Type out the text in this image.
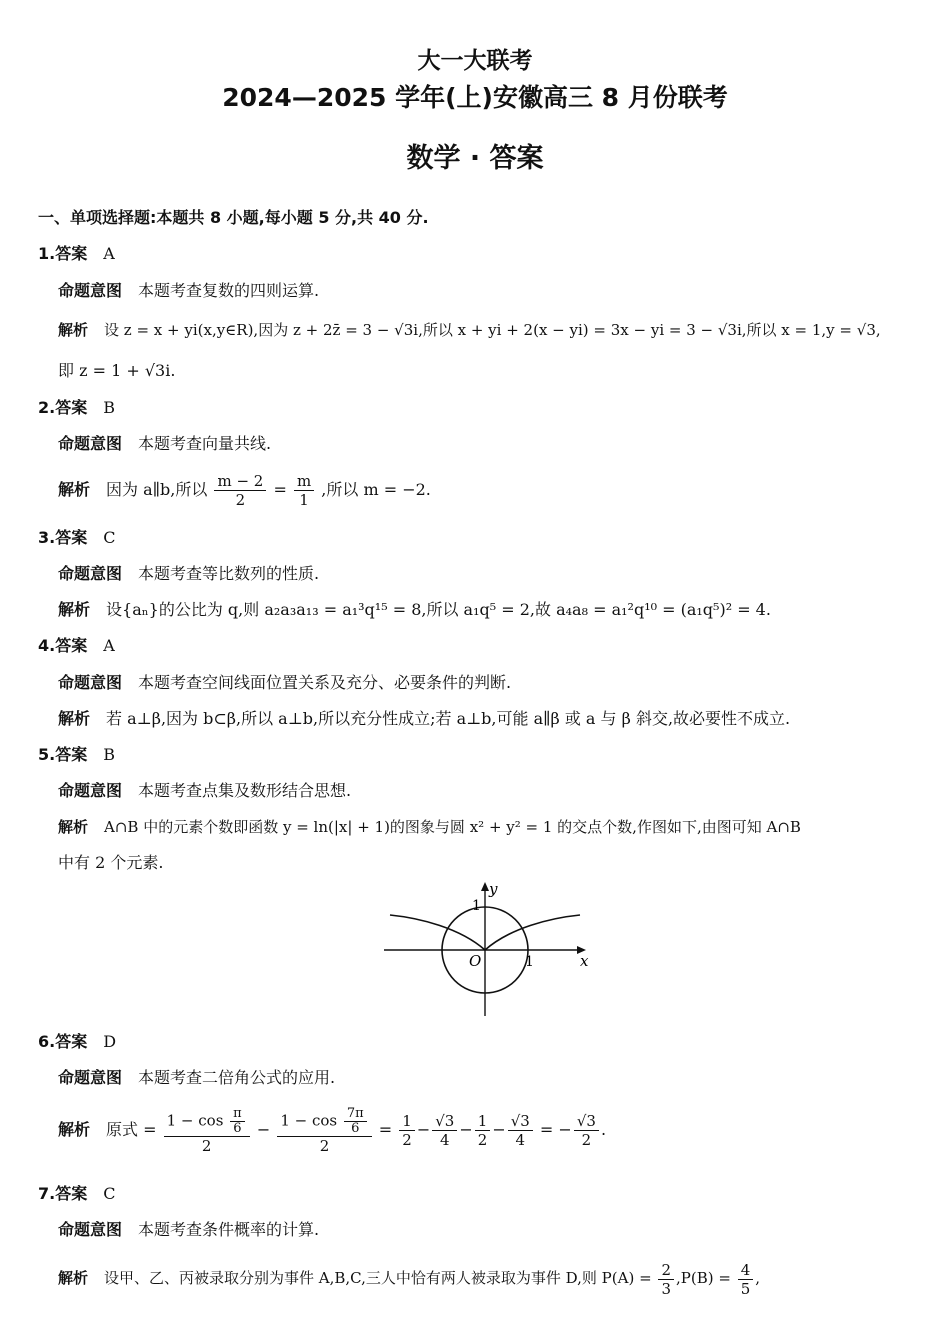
大一大联考
2024—2025 学年(上)安徽高三 8 月份联考
数学 · 答案
一、单项选择题:本题共 8 小题,每小题 5 分,共 40 分.
1.答案 A
命题意图 本题考查复数的四则运算.
解析 设 z = x + yi(x,y∈R),因为 z + 2z̄ = 3 − √3i,所以 x + yi + 2(x − yi) = 3x − yi = 3 − √3i,所以 x = 1,y = √3,
即 z = 1 + √3i.
2.答案 B
命题意图 本题考查向量共线.
解析 因为 a∥b,所以 $\frac{m - 2}{2} = \frac{m}{1}$ ,所以 m = −2.
3.答案 C
命题意图 本题考查等比数列的性质.
解析 设{aₙ}的公比为 q,则 a₂a₃a₁₃ = a₁³q¹⁵ = 8,所以 a₁q⁵ = 2,故 a₄a₈ = a₁²q¹⁰ = (a₁q⁵)² = 4.
4.答案 A
命题意图 本题考查空间线面位置关系及充分、必要条件的判断.
解析 若 a⊥β,因为 b⊂β,所以 a⊥b,所以充分性成立;若 a⊥b,可能 a∥β 或 a 与 β 斜交,故必要性不成立.
5.答案 B
命题意图 本题考查点集及数形结合思想.
解析 A∩B 中的元素个数即函数 y = ln(|x| + 1)的图象与圆 x² + y² = 1 的交点个数,作图如下,由图可知 A∩B
中有 2 个元素.
y
x
1
1
O
6.答案 D
命题意图 本题考查二倍角公式的应用.
解析 原式 = $\frac{1 - \cos \frac{\pi}{6}}{2} - \frac{1 - \cos \frac{7\pi}{6}}{2} = \frac{1}{2} - \frac{√3}{4} - \frac{1}{2} - \frac{√3}{4}$ = − $\frac{√3}{2}$ .
7.答案 C
命题意图 本题考查条件概率的计算.
解析 设甲、乙、丙被录取分别为事件 A,B,C,三人中恰有两人被录取为事件 D,则 $P(A) = \frac{2}{3} ,P(B) = \frac{4}{5}$ ,
